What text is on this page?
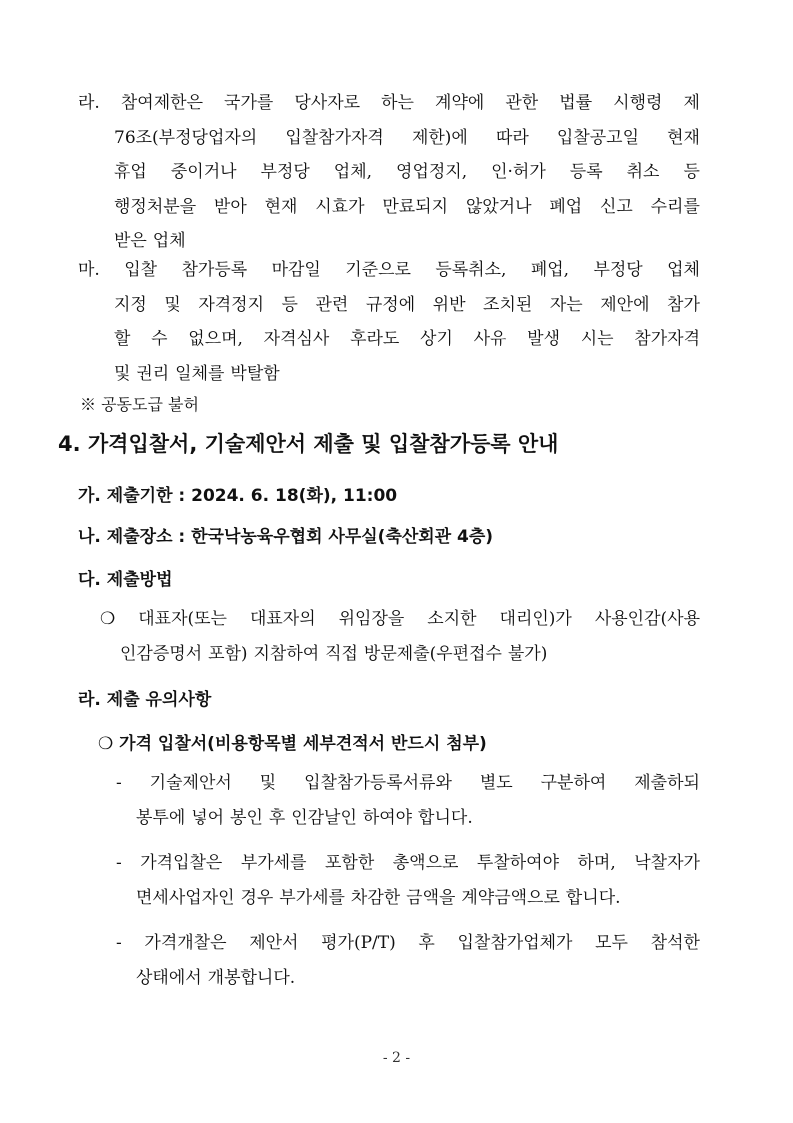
라. 참여제한은 국가를 당사자로 하는 계약에 관한 법률 시행령 제
76조(부정당업자의 입찰참가자격 제한)에 따라 입찰공고일 현재
휴업 중이거나 부정당 업체, 영업정지, 인·허가 등록 취소 등
행정처분을 받아 현재 시효가 만료되지 않았거나 폐업 신고 수리를
받은 업체
마. 입찰 참가등록 마감일 기준으로 등록취소, 폐업, 부정당 업체
지정 및 자격정지 등 관련 규정에 위반 조치된 자는 제안에 참가
할 수 없으며, 자격심사 후라도 상기 사유 발생 시는 참가자격
및 권리 일체를 박탈함
※ 공동도급 불허
4. 가격입찰서, 기술제안서 제출 및 입찰참가등록 안내
가. 제출기한 : 2024. 6. 18(화), 11:00
나. 제출장소 : 한국낙농육우협회 사무실(축산회관 4층)
다. 제출방법
❍ 대표자(또는 대표자의 위임장을 소지한 대리인)가 사용인감(사용
인감증명서 포함) 지참하여 직접 방문제출(우편접수 불가)
라. 제출 유의사항
❍ 가격 입찰서(비용항목별 세부견적서 반드시 첨부)
- 기술제안서 및 입찰참가등록서류와 별도 구분하여 제출하되
봉투에 넣어 봉인 후 인감날인 하여야 합니다.
- 가격입찰은 부가세를 포함한 총액으로 투찰하여야 하며, 낙찰자가
면세사업자인 경우 부가세를 차감한 금액을 계약금액으로 합니다.
- 가격개찰은 제안서 평가(P/T) 후 입찰참가업체가 모두 참석한
상태에서 개봉합니다.
- 2 -
